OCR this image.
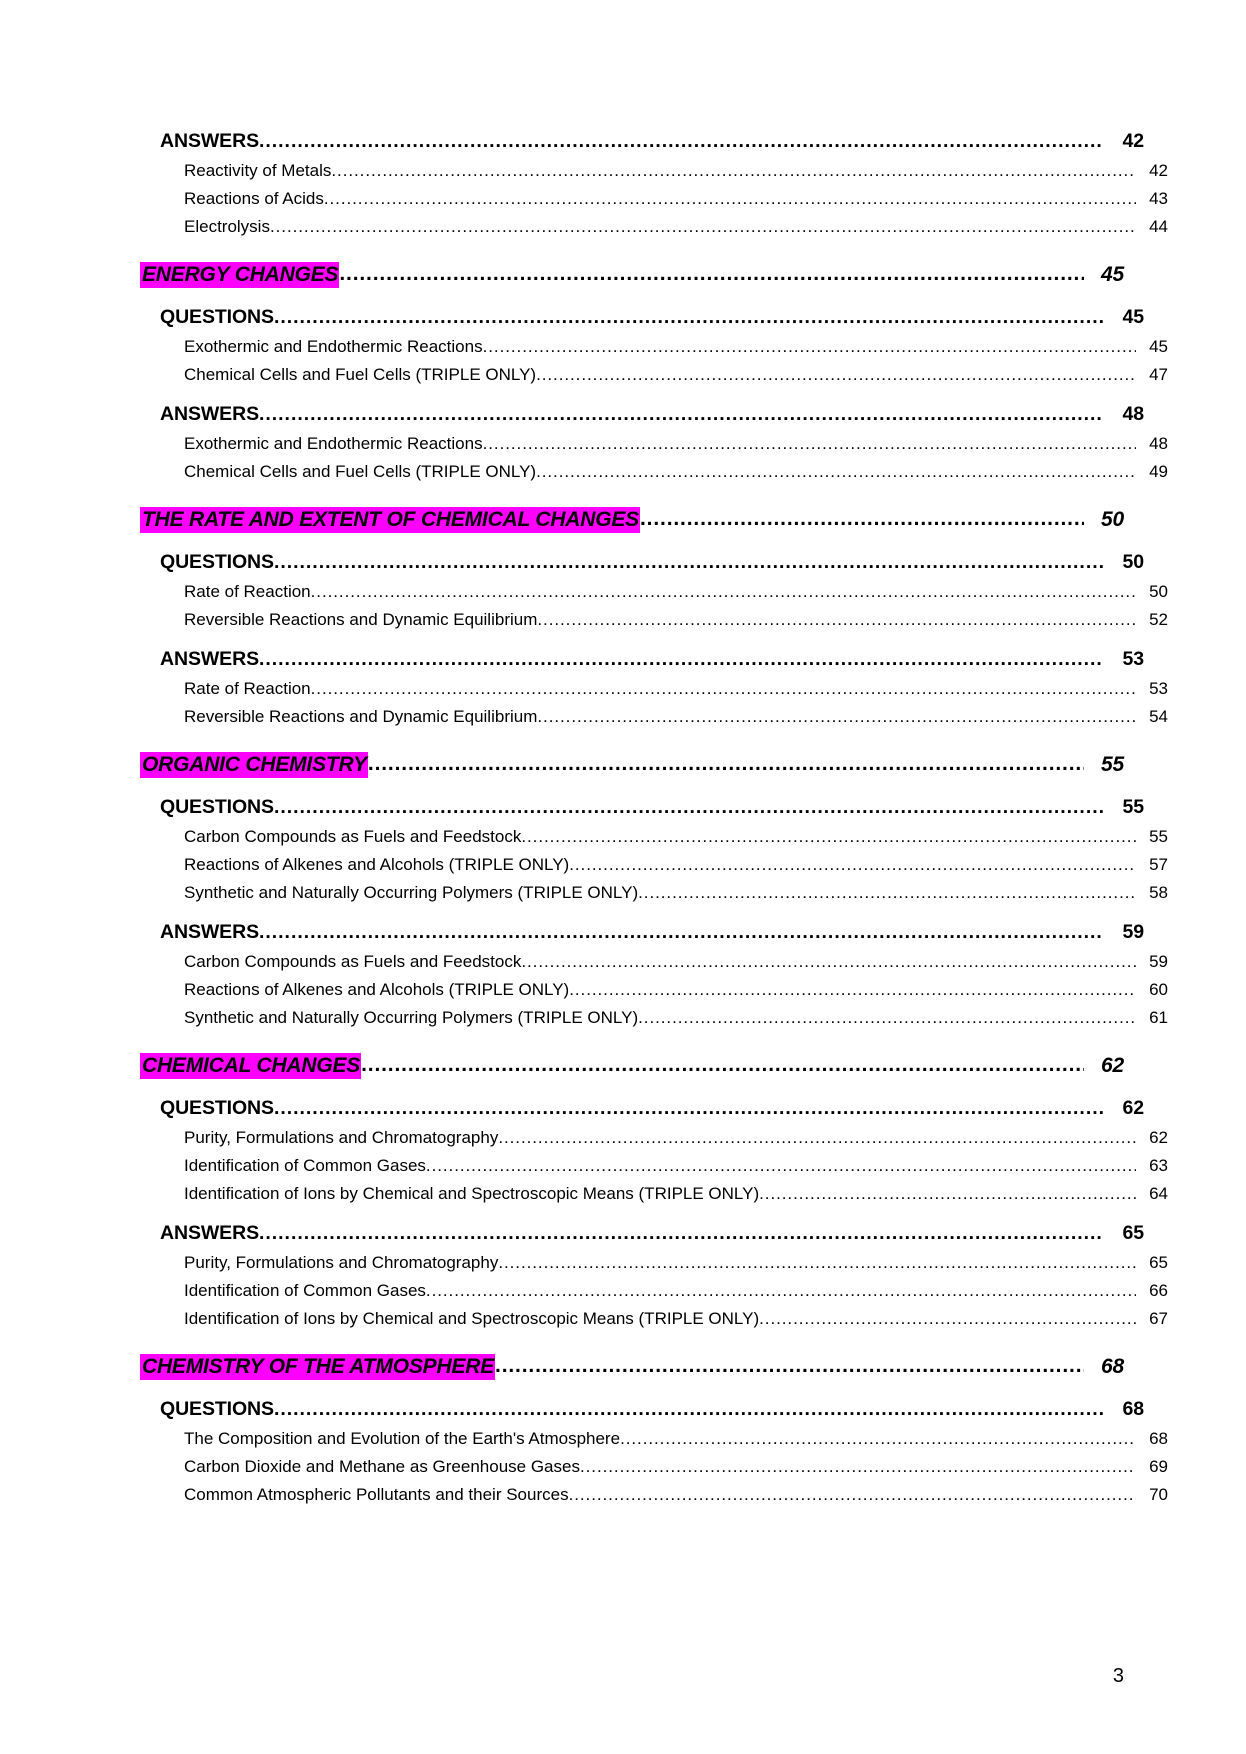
ANSWERS .....	42
Reactivity of Metals .....	42
Reactions of Acids .....	43
Electrolysis .....	44
ENERGY CHANGES .....	45
QUESTIONS .....	45
Exothermic and Endothermic Reactions .....	45
Chemical Cells and Fuel Cells (TRIPLE ONLY) .....	47
ANSWERS .....	48
Exothermic and Endothermic Reactions .....	48
Chemical Cells and Fuel Cells (TRIPLE ONLY) .....	49
THE RATE AND EXTENT OF CHEMICAL CHANGES .....	50
QUESTIONS .....	50
Rate of Reaction .....	50
Reversible Reactions and Dynamic Equilibrium .....	52
ANSWERS .....	53
Rate of Reaction .....	53
Reversible Reactions and Dynamic Equilibrium .....	54
ORGANIC CHEMISTRY .....	55
QUESTIONS .....	55
Carbon Compounds as Fuels and Feedstock .....	55
Reactions of Alkenes and Alcohols (TRIPLE ONLY) .....	57
Synthetic and Naturally Occurring Polymers (TRIPLE ONLY) .....	58
ANSWERS .....	59
Carbon Compounds as Fuels and Feedstock .....	59
Reactions of Alkenes and Alcohols (TRIPLE ONLY) .....	60
Synthetic and Naturally Occurring Polymers (TRIPLE ONLY) .....	61
CHEMICAL CHANGES .....	62
QUESTIONS .....	62
Purity, Formulations and Chromatography .....	62
Identification of Common Gases .....	63
Identification of Ions by Chemical and Spectroscopic Means (TRIPLE ONLY) .....	64
ANSWERS .....	65
Purity, Formulations and Chromatography .....	65
Identification of Common Gases .....	66
Identification of Ions by Chemical and Spectroscopic Means (TRIPLE ONLY) .....	67
CHEMISTRY OF THE ATMOSPHERE .....	68
QUESTIONS .....	68
The Composition and Evolution of the Earth's Atmosphere .....	68
Carbon Dioxide and Methane as Greenhouse Gases .....	69
Common Atmospheric Pollutants and their Sources .....	70
3
